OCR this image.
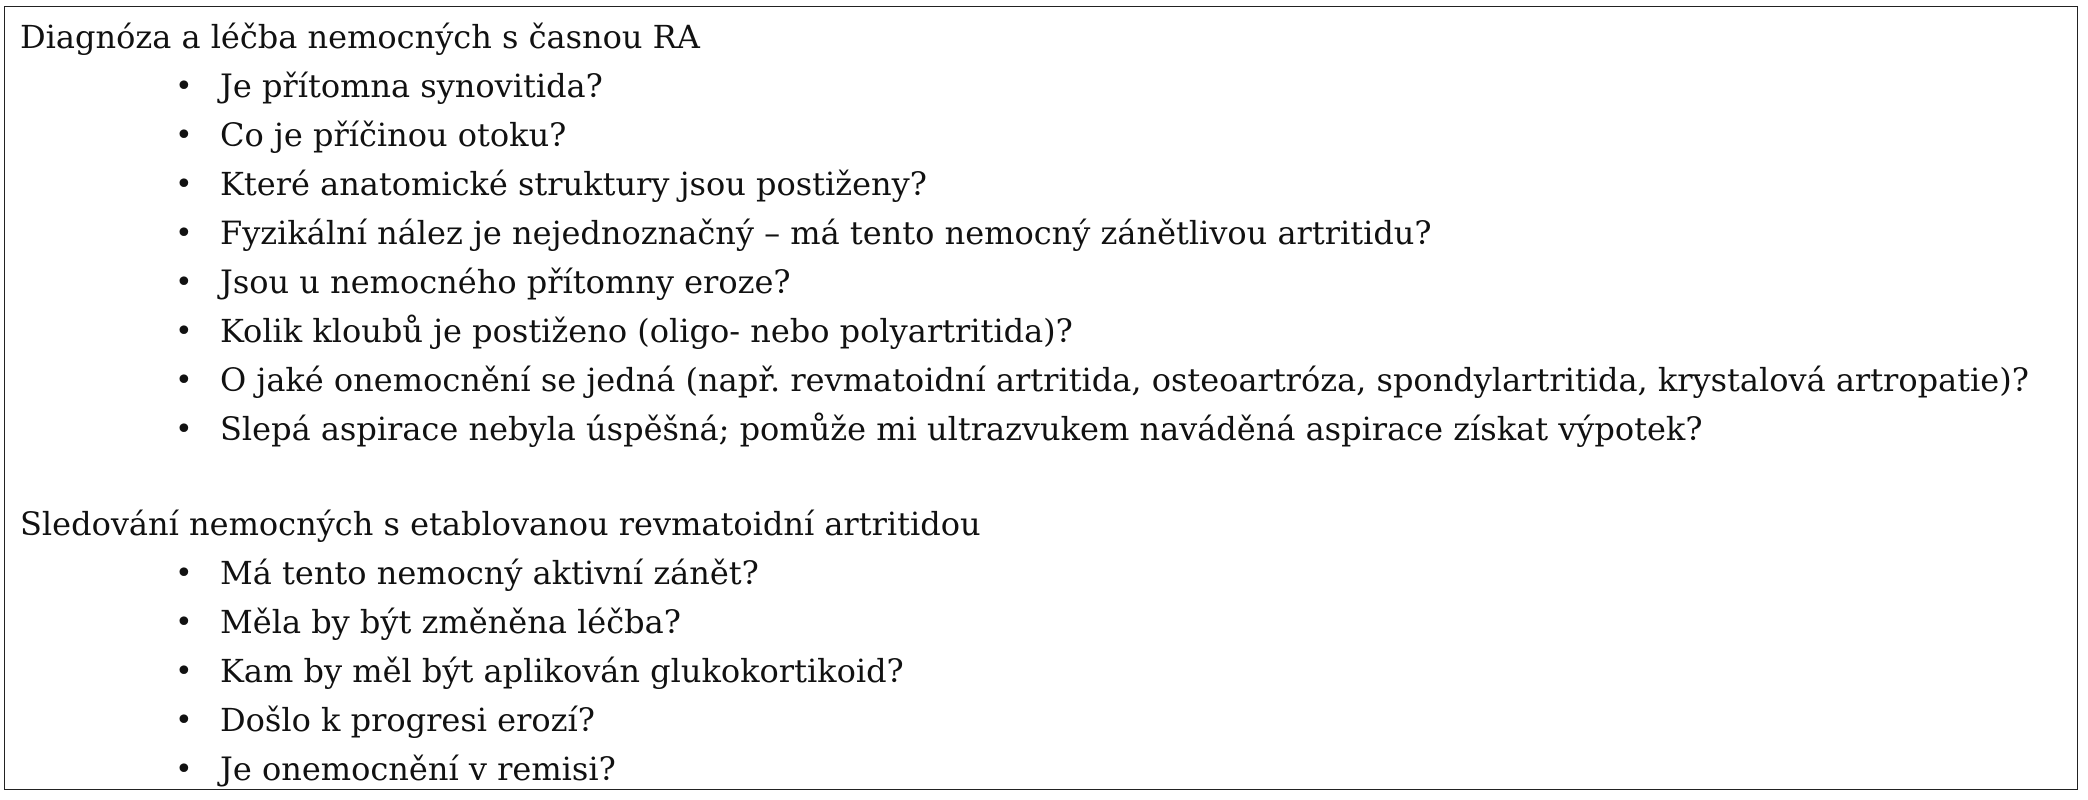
Diagnóza a léčba nemocných s časnou RA
• Je přítomna synovitida?
• Co je příčinou otoku?
• Které anatomické struktury jsou postiženy?
• Fyzikální nález je nejednoznačný – má tento nemocný zánětlivou artritidu?
• Jsou u nemocného přítomny eroze?
• Kolik kloubů je postiženo (oligo- nebo polyartritida)?
• O jaké onemocnění se jedná (např. revmatoidní artritida, osteoartróza, spondylartritida, krystalová artropatie)?
• Slepá aspirace nebyla úspěšná; pomůže mi ultrazvukem naváděná aspirace získat výpotek?
Sledování nemocných s etablovanou revmatoidní artritidou
• Má tento nemocný aktivní zánět?
• Měla by být změněna léčba?
• Kam by měl být aplikován glukokortikoid?
• Došlo k progresi erozí?
• Je onemocnění v remisi?
